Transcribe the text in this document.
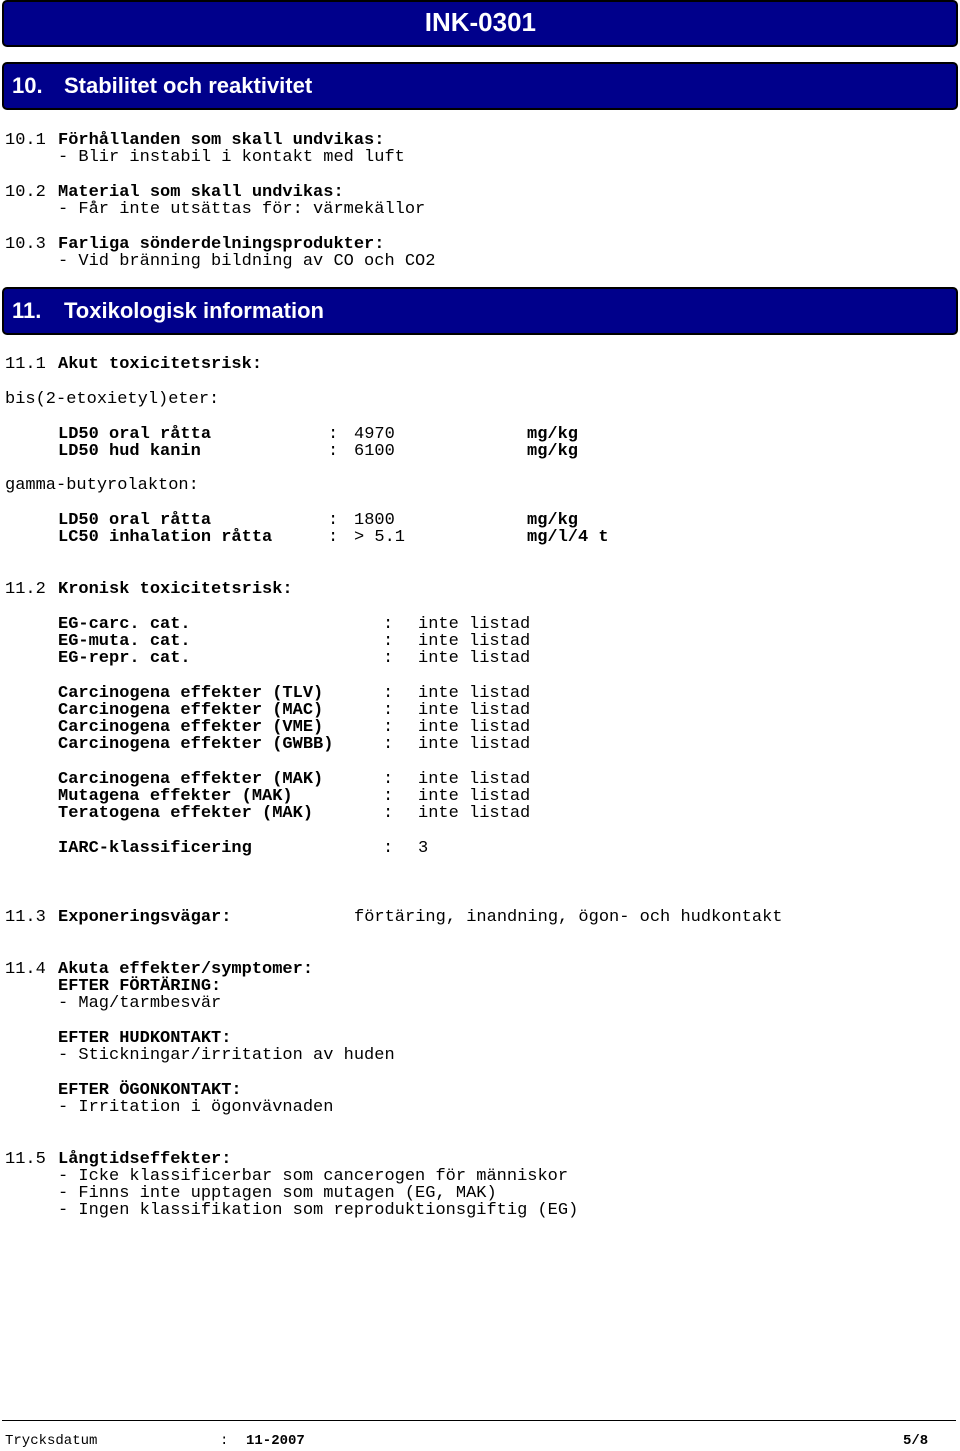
INK-0301
10. Stabilitet och reaktivitet
10.1 Förhållanden som skall undvikas:
- Blir instabil i kontakt med luft
10.2 Material som skall undvikas:
- Får inte utsättas för: värmekällor
10.3 Farliga sönderdelningsprodukter:
- Vid bränning bildning av CO och CO2
11. Toxikologisk information
11.1 Akut toxicitetsrisk:
bis(2-etoxietyl)eter:
LD50 oral råtta	: 4970	mg/kg
LD50 hud kanin	: 6100	mg/kg
gamma-butyrolakton:
LD50 oral råtta	: 1800	mg/kg
LC50 inhalation råtta	: > 5.1	mg/l/4 t
11.2 Kronisk toxicitetsrisk:
EG-carc. cat.	: inte listad
EG-muta. cat.	: inte listad
EG-repr. cat.	: inte listad
Carcinogena effekter (TLV)	: inte listad
Carcinogena effekter (MAC)	: inte listad
Carcinogena effekter (VME)	: inte listad
Carcinogena effekter (GWBB)	: inte listad
Carcinogena effekter (MAK)	: inte listad
Mutagena effekter (MAK)	: inte listad
Teratogena effekter (MAK)	: inte listad
IARC-klassificering	: 3
11.3 Exponeringsvägar:	förtäring, inandning, ögon- och hudkontakt
11.4 Akuta effekter/symptomer:
EFTER FÖRTÄRING:
- Mag/tarmbesvär
EFTER HUDKONTAKT:
- Stickningar/irritation av huden
EFTER ÖGONKONTAKT:
- Irritation i ögonvävnaden
11.5 Långtidseffekter:
- Icke klassificerbar som cancerogen för människor
- Finns inte upptagen som mutagen (EG, MAK)
- Ingen klassifikation som reproduktionsgiftig (EG)
Trycksdatum	: 11-2007	5/8
